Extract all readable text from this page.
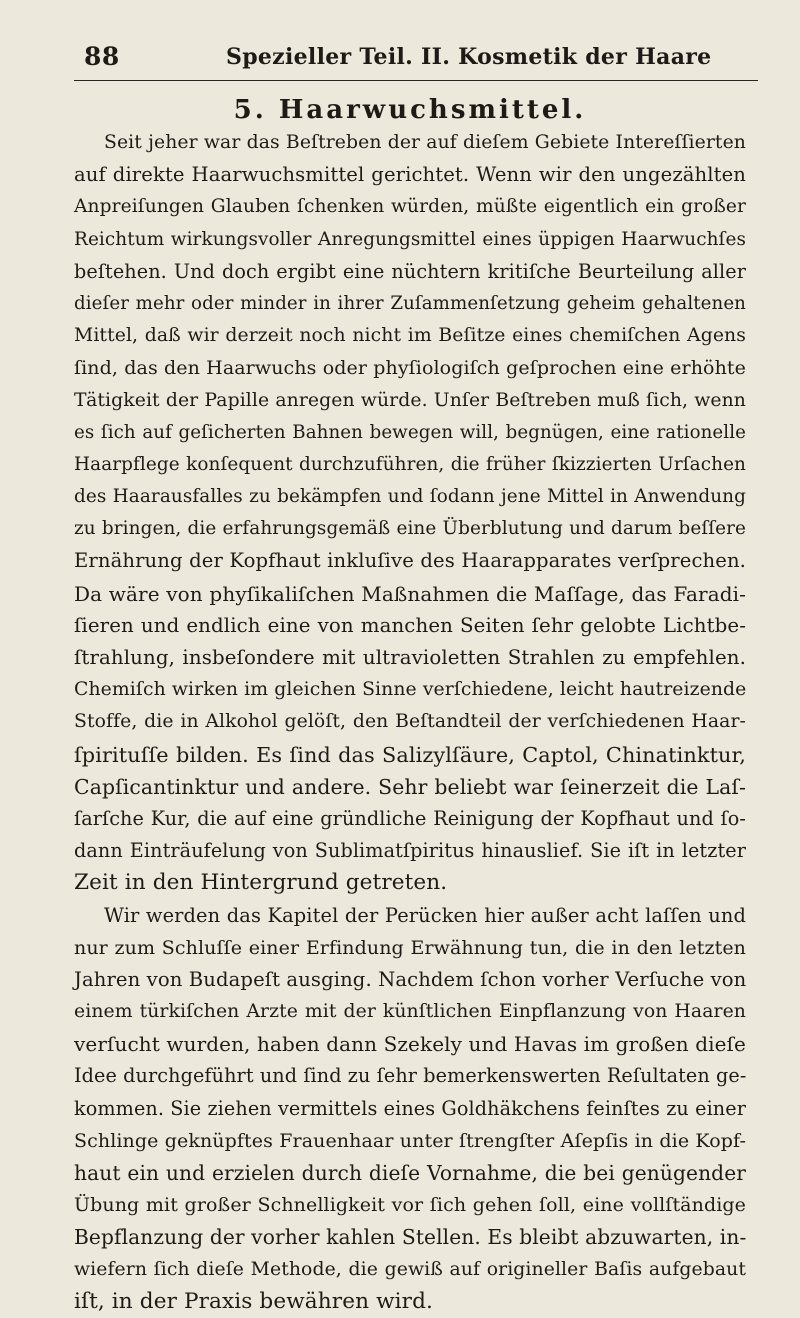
88	Spezieller Teil. II. Kosmetik der Haare
5. Haarwuchsmittel.
Seit jeher war das Beſtreben der auf dieſem Gebiete Intereſſierten
auf direkte Haarwuchsmittel gerichtet. Wenn wir den ungezählten
Anpreiſungen Glauben ſchenken würden, müßte eigentlich ein großer
Reichtum wirkungsvoller Anregungsmittel eines üppigen Haarwuchſes
beſtehen. Und doch ergibt eine nüchtern kritiſche Beurteilung aller
dieſer mehr oder minder in ihrer Zuſammenſetzung geheim gehaltenen
Mittel, daß wir derzeit noch nicht im Beſitze eines chemiſchen Agens
ſind, das den Haarwuchs oder phyſiologiſch geſprochen eine erhöhte
Tätigkeit der Papille anregen würde. Unſer Beſtreben muß ſich, wenn
es ſich auf geſicherten Bahnen bewegen will, begnügen, eine rationelle
Haarpflege konſequent durchzuführen, die früher ſkizzierten Urſachen
des Haarausfalles zu bekämpfen und ſodann jene Mittel in Anwendung
zu bringen, die erfahrungsgemäß eine Überblutung und darum beſſere
Ernährung der Kopfhaut inkluſive des Haarapparates verſprechen.
Da wäre von phyſikaliſchen Maßnahmen die Maſſage, das Faradi-
ſieren und endlich eine von manchen Seiten ſehr gelobte Lichtbe-
ſtrahlung, insbeſondere mit ultravioletten Strahlen zu empfehlen.
Chemiſch wirken im gleichen Sinne verſchiedene, leicht hautreizende
Stoffe, die in Alkohol gelöſt, den Beſtandteil der verſchiedenen Haar-
ſpirituſſe bilden. Es ſind das Salizylſäure, Captol, Chinatinktur,
Capſicantinktur und andere. Sehr beliebt war ſeinerzeit die Laſ-
ſarſche Kur, die auf eine gründliche Reinigung der Kopfhaut und ſo-
dann Einträufelung von Sublimatſpiritus hinauslief. Sie iſt in letzter
Zeit in den Hintergrund getreten.
Wir werden das Kapitel der Perücken hier außer acht laſſen und
nur zum Schluſſe einer Erfindung Erwähnung tun, die in den letzten
Jahren von Budapeſt ausging. Nachdem ſchon vorher Verſuche von
einem türkiſchen Arzte mit der künſtlichen Einpflanzung von Haaren
verſucht wurden, haben dann Szekely und Havas im großen dieſe
Idee durchgeführt und ſind zu ſehr bemerkenswerten Reſultaten ge-
kommen. Sie ziehen vermittels eines Goldhäkchens feinſtes zu einer
Schlinge geknüpftes Frauenhaar unter ſtrengſter Aſepſis in die Kopf-
haut ein und erzielen durch dieſe Vornahme, die bei genügender
Übung mit großer Schnelligkeit vor ſich gehen ſoll, eine vollſtändige
Bepflanzung der vorher kahlen Stellen. Es bleibt abzuwarten, in-
wiefern ſich dieſe Methode, die gewiß auf origineller Baſis aufgebaut
iſt, in der Praxis bewähren wird.
